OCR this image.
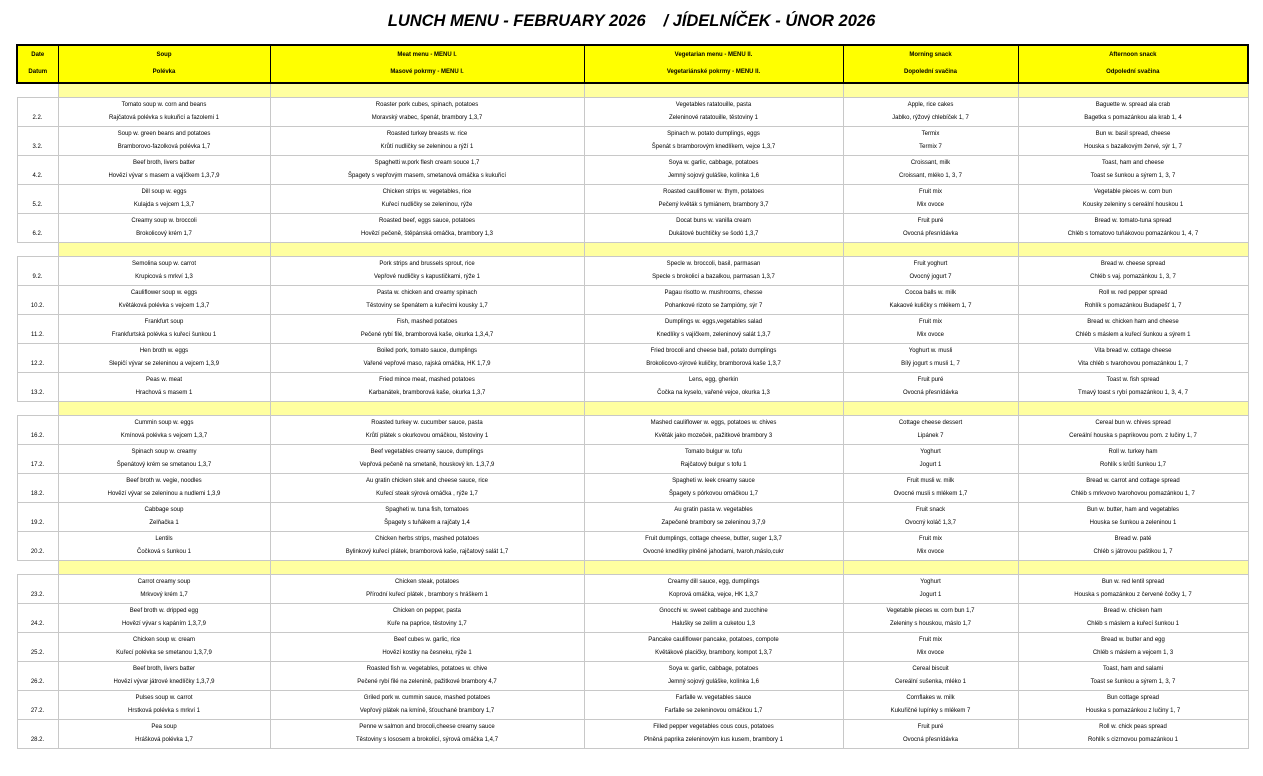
LUNCH MENU - FEBRUARY 2026 / JÍDELNÍČEK - ÚNOR 2026
Date
Datum	Soup
Polévka	Meat menu - MENU I.
Masové pokrmy - MENU I.	Vegetarian menu - MENU II.
Vegetariánské pokrmy - MENU II.	Morning snack
Dopolední svačina	Afternoon snack
Odpolední svačina

2.2.	Tomato soup w. corn and beans
Rajčatová polévka s kukuřicí a fazolemi 1	Roaster pork cubes, spinach, potatoes
Moravský vrabec, špenát, brambory 1,3,7	Vegetables ratatouille, pasta
Zeleninové ratatouille, těstoviny 1	Apple, rice cakes
Jablko, rýžový chlebíček 1, 7	Baguette w. spread ala crab
Bagetka s pomazánkou ala krab 1, 4

3.2.	Soup w. green beans and potatoes
Bramborovo-fazolková polévka 1,7	Roasted turkey breasts w. rice
Krůtí nudličky se zeleninou a rýží 1	Spinach w. potato dumplings, eggs
Špenát s bramborovým knedlíkem, vejce 1,3,7	Termix
Termix 7	Bun w. basil spread, cheese
Houska s bazalkovým žervé, sýr 1, 7

4.2.	Beef broth, livers batter
Hovězí vývar s masem a vajíčkem 1,3,7,9	Spaghetti w.pork flesh cream souce 1,7
Špagety s vepřovým masem, smetanová omáčka s kukuřicí	Soya w. garlic, cabbage, potatoes
Jemný sojový guláške, kolínka 1,6	Croissant, milk
Croissant, mléko 1, 3, 7	Toast, ham and cheese
Toast se šunkou a sýrem 1, 3, 7

5.2.	Dill soup w. eggs
Kulajda s vejcem 1,3,7	Chicken strips w. vegetables, rice
Kuřecí nudličky se zeleninou, rýže	Roasted cauliflower w. thym, potatoes
Pečený květák s tymiánem, brambory 3,7	Fruit mix
Mix ovoce	Vegetable pieces w. corn bun
Kousky zeleniny s cereální houskou 1

6.2.	Creamy soup w. broccoli
Brokolicový krém 1,7	Roasted beef, eggs sauce, potatoes
Hovězí pečeně, štěpánská omáčka, brambory 1,3	Docat buns w. vanilla cream
Dukátové buchtičky se šodó 1,3,7	Fruit puré
Ovocná přesnídávka	Bread w. tomato-tuna spread
Chléb s tomatovo tuňákovou pomazánkou 1, 4, 7

9.2.	Semolina soup w. carrot
Krupicová s mrkví 1,3	Pork strips and brussels sprout, rice
Vepřové nudličky s kapustičkami, rýže 1	Specle w. broccoli, basil, parmasan
Specle s brokolicí a bazalkou, parmasan 1,3,7	Fruit yoghurt
Ovocný jogurt 7	Bread w. cheese spread
Chléb s vaj. pomazánkou 1, 3, 7

10.2.	Cauliflower soup w. eggs
Květáková polévka s vejcem 1,3,7	Pasta w. chicken and creamy spinach
Těstoviny se špenátem a kuřecími kousky 1,7	Pagau risotto w. mushrooms, chesse
Pohankové rizoto se žampióny, sýr 7	Cocoa balls w. milk
Kakaové kuličky s mlékem 1, 7	Roll w. red pepper spread
Rohlík s pomazánkou Budapešť 1, 7

11.2.	Frankfurt soup
Frankfurtská polévka s kuřecí šunkou 1	Fish, mashed potatoes
Pečené rybí filé, bramborová kaše, okurka 1,3,4,7	Dumplings w. eggs,vegetables salad
Knedlíky s vajíčkem, zeleninový salát 1,3,7	Fruit mix
Mix ovoce	Bread w. chicken ham and cheese
Chléb s máslem a kuřecí šunkou a sýrem 1

12.2.	Hen broth w. eggs
Slepičí vývar se zeleninou a vejcem 1,3,9	Boiled pork, tomato sauce, dumplings
Vařené vepřové maso, rajská omáčka, HK 1,7,9	Fried brocoli and cheese ball, potato dumplings
Brokolicovo-sýrové kuličky, bramborová kaše 1,3,7	Yoghurt w. musli
Bílý jogurt s musli 1, 7	Vita bread w. cottage cheese
Vita chléb s tvarohovou pomazánkou 1, 7

13.2.	Peas w. meat
Hrachová s masem 1	Fried mince meat, mashed potatoes
Karbanátek, bramborová kaše, okurka 1,3,7	Lens, egg, gherkin
Čočka na kyselo, vařené vejce, okurka 1,3	Fruit puré
Ovocná přesnídávka	Toast w. fish spread
Tmavý toast s rybí pomazánkou 1, 3, 4, 7

16.2.	Cummin soup w. eggs
Kmínová polévka s vejcem 1,3,7	Roasted turkey w. cucumber sauce, pasta
Krůtí plátek s okurkovou omáčkou, těstoviny 1	Mashed cauliflower w. eggs, potatoes w. chives
Květák jako mozeček, pažitkové brambory 3	Cottage cheese dessert
Lipánek 7	Cereal bun w. chives spread
Cereální houska s paprikovou pom. z lučiny 1, 7

17.2.	Spinach soup w. creamy
Špenátový krém se smetanou 1,3,7	Beef vegetables creamy sauce, dumplings
Vepřová pečeně na smetaně, houskový kn. 1,3,7,9	Tomato bulgur w. tofu
Rajčatový bulgur s tofu 1	Yoghurt
Jogurt 1	Roll w. turkey ham
Rohlík s krůtí šunkou 1,7

18.2.	Beef broth w. vegie, noodles
Hovězí vývar se zeleninou a nudlemi 1,3,9	Au gratin chicken stek and cheese sauce, rice
Kuřecí steak sýrová omáčka , rýže 1,7	Spagheti w. leek creamy sauce
Špagety s pórkovou omáčkou 1,7	Fruit musli w. milk
Ovocné musli s mlékem 1,7	Bread w. carrot and cottage spread
Chléb s mrkvovo tvarohovou pomazánkou 1, 7

19.2.	Cabbage soup
Zelňačka 1	Spagheti w. tuna fish, tomatoes
Špagety s tuňákem a rajčaty 1,4	Au gratin pasta w. vegetables
Zapečené brambory se zeleninou 3,7,9	Fruit snack
Ovocný koláč 1,3,7	Bun w. butter, ham and vegetables
Houska se šunkou a zeleninou 1

20.2.	Lentils
Čočková s šunkou 1	Chicken herbs strips, mashed potatoes
Bylinkový kuřecí plátek, bramborová kaše, rajčatový salát 1,7	Fruit dumplings, cottage cheese, butter, suger 1,3,7
Ovocné knedlíky plněné jahodami, tvaroh,máslo,cukr	Fruit mix
Mix ovoce	Bread w. paté
Chléb s játrovou paštikou 1, 7

23.2.	Carrot creamy soup
Mrkvový krém 1,7	Chicken steak, potatoes
Přírodní kuřecí plátek , brambory s hráškem 1	Creamy dill sauce, egg, dumplings
Koprová omáčka, vejce, HK 1,3,7	Yoghurt
Jogurt 1	Bun w. red lentil spread
Houska s pomazánkou z červené čočky 1, 7

24.2.	Beef broth w. dripped egg
Hovězí vývar s kapáním 1,3,7,9	Chicken on pepper, pasta
Kuře na paprice, těstoviny 1,7	Gnocchi w. sweet cabbage and zucchine
Halušky se zelím a cuketou 1,3	Vegetable pieces w. corn bun 1,7
Zeleniny s houskou, máslo 1,7	Bread w. chicken ham
Chléb s máslem a kuřecí šunkou 1

25.2.	Chicken soup w. cream
Kuřecí polévka se smetanou 1,3,7,9	Beef cubes w. garlic, rice
Hovězí kostky na česneku, rýže 1	Pancake cauliflower pancake, potatoes, compote
Květákové placičky, brambory, kompot 1,3,7	Fruit mix
Mix ovoce	Bread w. butter and egg
Chléb s máslem a vejcem 1, 3

26.2.	Beef broth, livers batter
Hovězí vývar játrové knedlíčky 1,3,7,9	Roasted fish w. vegetables, potatoes w. chive
Pečené rybí filé na zelenině, pažitkové brambory 4,7	Soya w. garlic, cabbage, potatoes
Jemný sojový guláške, kolínka 1,6	Cereal biscuit
Cereální sušenka, mléko 1	Toast, ham and salami
Toast se šunkou a sýrem 1, 3, 7

27.2.	Pulses soup w. carrot
Hrstková polévka s mrkví 1	Griled pork w. cummin sauce, mashed potatoes
Vepřový plátek na kmíně, šťouchané brambory 1,7	Farfalle w. vegetables sauce
Farfalle se zeleninovou omáčkou 1,7	Cornflakes w. milk
Kukuřičné lupínky s mlékem 7	Bun cottage spread
Houska s pomazánkou z lučiny 1, 7

28.2.	Pea soup
Hrášková polévka 1,7	Penne w salmon and brocoli,cheese creamy sauce
Těstoviny s lososem a brokolicí, sýrová omáčka 1,4,7	Filled pepper vegetables cous cous, potatoes
Plněná paprika zeleninovým kus kusem, brambory 1	Fruit puré
Ovocná přesnídávka	Roll w. chick peas spread
Rohlík s cizrnovou pomazánkou 1
